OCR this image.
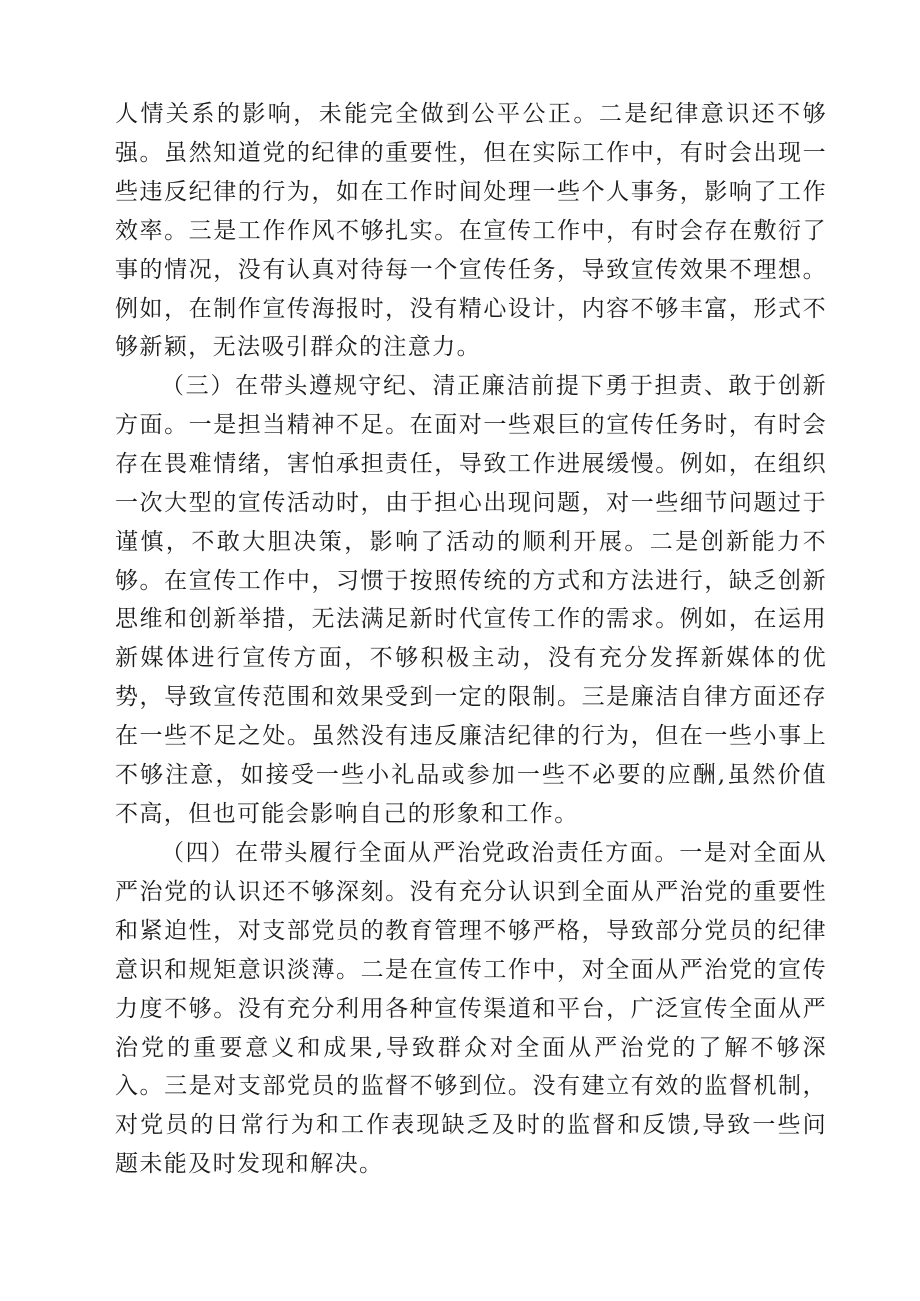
人情关系的影响，未能完全做到公平公正。二是纪律意识还不够强。虽然知道党的纪律的重要性，但在实际工作中，有时会出现一些违反纪律的行为，如在工作时间处理一些个人事务，影响了工作效率。三是工作作风不够扎实。在宣传工作中，有时会存在敷衍了事的情况，没有认真对待每一个宣传任务，导致宣传效果不理想。例如，在制作宣传海报时，没有精心设计，内容不够丰富，形式不够新颖，无法吸引群众的注意力。

（三）在带头遵规守纪、清正廉洁前提下勇于担责、敢于创新方面。一是担当精神不足。在面对一些艰巨的宣传任务时，有时会存在畏难情绪，害怕承担责任，导致工作进展缓慢。例如，在组织一次大型的宣传活动时，由于担心出现问题，对一些细节问题过于谨慎，不敢大胆决策，影响了活动的顺利开展。二是创新能力不够。在宣传工作中，习惯于按照传统的方式和方法进行，缺乏创新思维和创新举措，无法满足新时代宣传工作的需求。例如，在运用新媒体进行宣传方面，不够积极主动，没有充分发挥新媒体的优势，导致宣传范围和效果受到一定的限制。三是廉洁自律方面还存在一些不足之处。虽然没有违反廉洁纪律的行为，但在一些小事上不够注意，如接受一些小礼品或参加一些不必要的应酬,虽然价值不高，但也可能会影响自己的形象和工作。

（四）在带头履行全面从严治党政治责任方面。一是对全面从严治党的认识还不够深刻。没有充分认识到全面从严治党的重要性和紧迫性，对支部党员的教育管理不够严格，导致部分党员的纪律意识和规矩意识淡薄。二是在宣传工作中，对全面从严治党的宣传力度不够。没有充分利用各种宣传渠道和平台，广泛宣传全面从严治党的重要意义和成果,导致群众对全面从严治党的了解不够深入。三是对支部党员的监督不够到位。没有建立有效的监督机制，对党员的日常行为和工作表现缺乏及时的监督和反馈,导致一些问题未能及时发现和解决。
